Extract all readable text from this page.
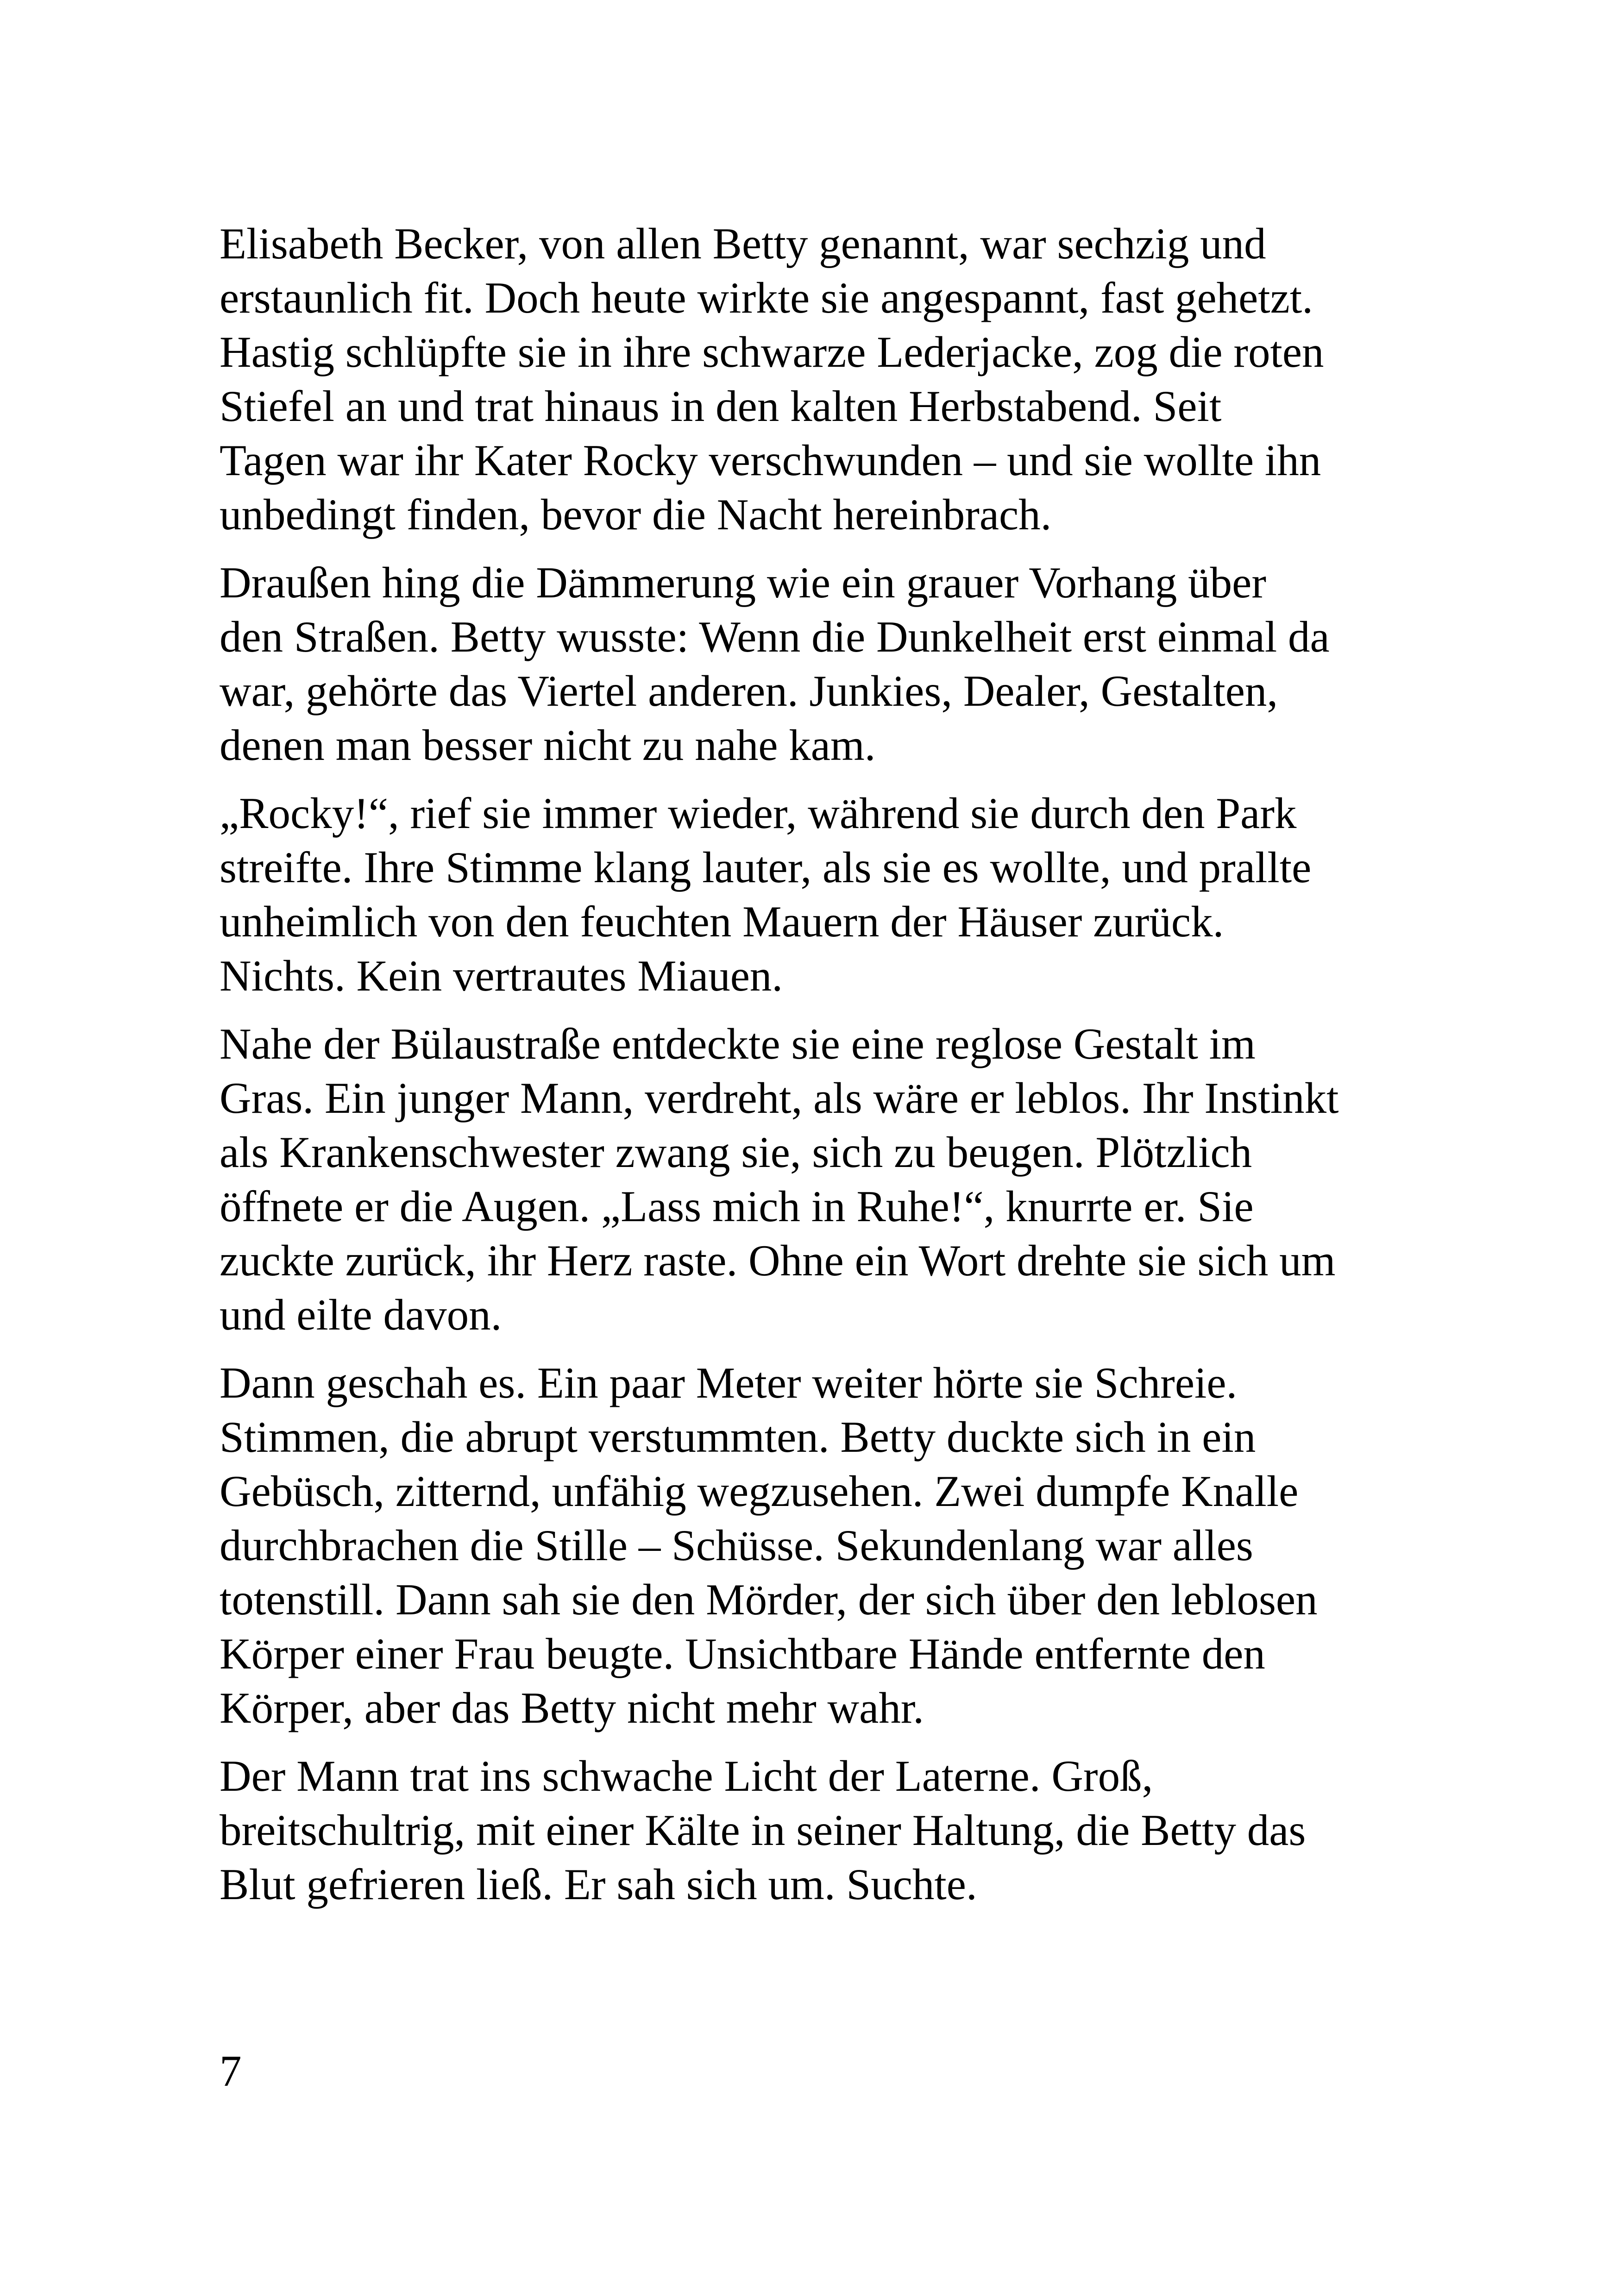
Elisabeth Becker, von allen Betty genannt, war sechzig und
erstaunlich fit. Doch heute wirkte sie angespannt, fast gehetzt.
Hastig schlüpfte sie in ihre schwarze Lederjacke, zog die roten
Stiefel an und trat hinaus in den kalten Herbstabend. Seit
Tagen war ihr Kater Rocky verschwunden – und sie wollte ihn
unbedingt finden, bevor die Nacht hereinbrach.

Draußen hing die Dämmerung wie ein grauer Vorhang über
den Straßen. Betty wusste: Wenn die Dunkelheit erst einmal da
war, gehörte das Viertel anderen. Junkies, Dealer, Gestalten,
denen man besser nicht zu nahe kam.

„Rocky!“, rief sie immer wieder, während sie durch den Park
streifte. Ihre Stimme klang lauter, als sie es wollte, und prallte
unheimlich von den feuchten Mauern der Häuser zurück.
Nichts. Kein vertrautes Miauen.

Nahe der Bülaustraße entdeckte sie eine reglose Gestalt im
Gras. Ein junger Mann, verdreht, als wäre er leblos. Ihr Instinkt
als Krankenschwester zwang sie, sich zu beugen. Plötzlich
öffnete er die Augen. „Lass mich in Ruhe!“, knurrte er. Sie
zuckte zurück, ihr Herz raste. Ohne ein Wort drehte sie sich um
und eilte davon.

Dann geschah es. Ein paar Meter weiter hörte sie Schreie.
Stimmen, die abrupt verstummten. Betty duckte sich in ein
Gebüsch, zitternd, unfähig wegzusehen. Zwei dumpfe Knalle
durchbrachen die Stille – Schüsse. Sekundenlang war alles
totenstill. Dann sah sie den Mörder, der sich über den leblosen
Körper einer Frau beugte. Unsichtbare Hände entfernte den
Körper, aber das Betty nicht mehr wahr.

Der Mann trat ins schwache Licht der Laterne. Groß,
breitschultrig, mit einer Kälte in seiner Haltung, die Betty das
Blut gefrieren ließ. Er sah sich um. Suchte.

7
